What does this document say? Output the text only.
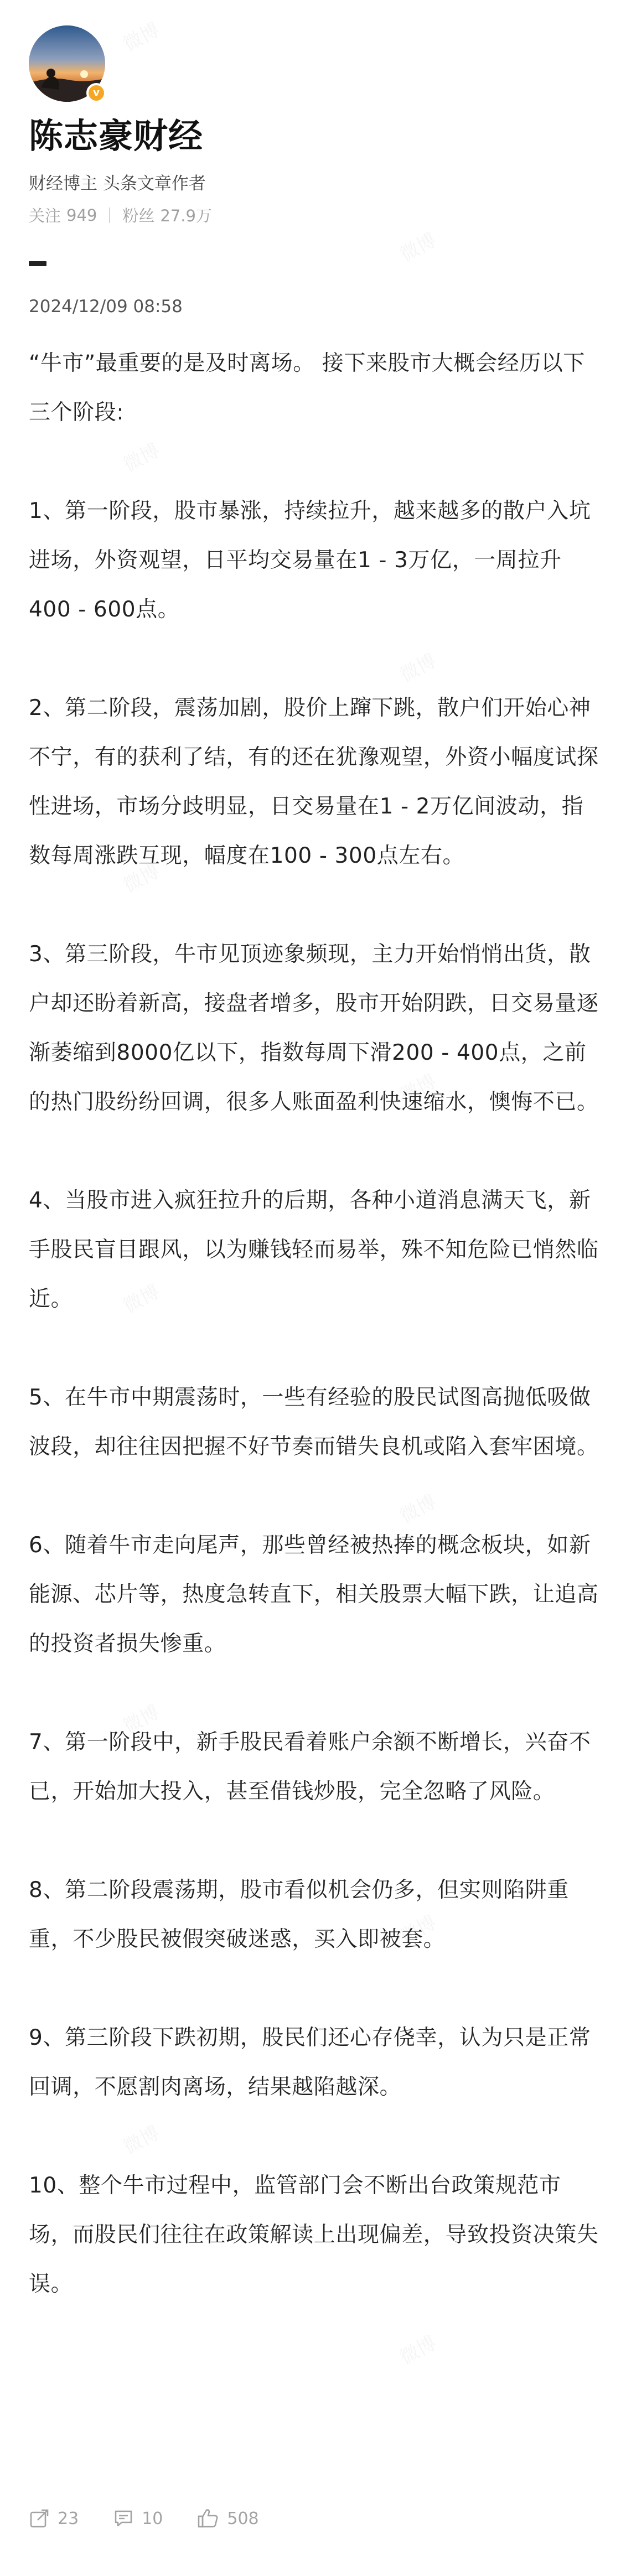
v
陈志豪财经
财经博主 头条文章作者
关注 949 粉丝 27.9万
2024/12/09 08:58

“牛市”最重要的是及时离场。 接下来股市大概会经历以下三个阶段:

1、第一阶段，股市暴涨，持续拉升，越来越多的散户入坑进场，外资观望，日平均交易量在1 - 3万亿，一周拉升400 - 600点。

2、第二阶段，震荡加剧，股价上蹿下跳，散户们开始心神不宁，有的获利了结，有的还在犹豫观望，外资小幅度试探性进场，市场分歧明显，日交易量在1 - 2万亿间波动，指数每周涨跌互现，幅度在100 - 300点左右。

3、第三阶段，牛市见顶迹象频现，主力开始悄悄出货，散户却还盼着新高，接盘者增多，股市开始阴跌，日交易量逐渐萎缩到8000亿以下，指数每周下滑200 - 400点，之前的热门股纷纷回调，很多人账面盈利快速缩水，懊悔不已。

4、当股市进入疯狂拉升的后期，各种小道消息满天飞，新手股民盲目跟风，以为赚钱轻而易举，殊不知危险已悄然临近。

5、在牛市中期震荡时，一些有经验的股民试图高抛低吸做波段，却往往因把握不好节奏而错失良机或陷入套牢困境。

6、随着牛市走向尾声，那些曾经被热捧的概念板块，如新能源、芯片等，热度急转直下，相关股票大幅下跌，让追高的投资者损失惨重。

7、第一阶段中，新手股民看着账户余额不断增长，兴奋不已，开始加大投入，甚至借钱炒股，完全忽略了风险。

8、第二阶段震荡期，股市看似机会仍多，但实则陷阱重重，不少股民被假突破迷惑，买入即被套。

9、第三阶段下跌初期，股民们还心存侥幸，认为只是正常回调，不愿割肉离场，结果越陷越深。

10、整个牛市过程中，监管部门会不断出台政策规范市场，而股民们往往在政策解读上出现偏差，导致投资决策失误。

23	10	508
